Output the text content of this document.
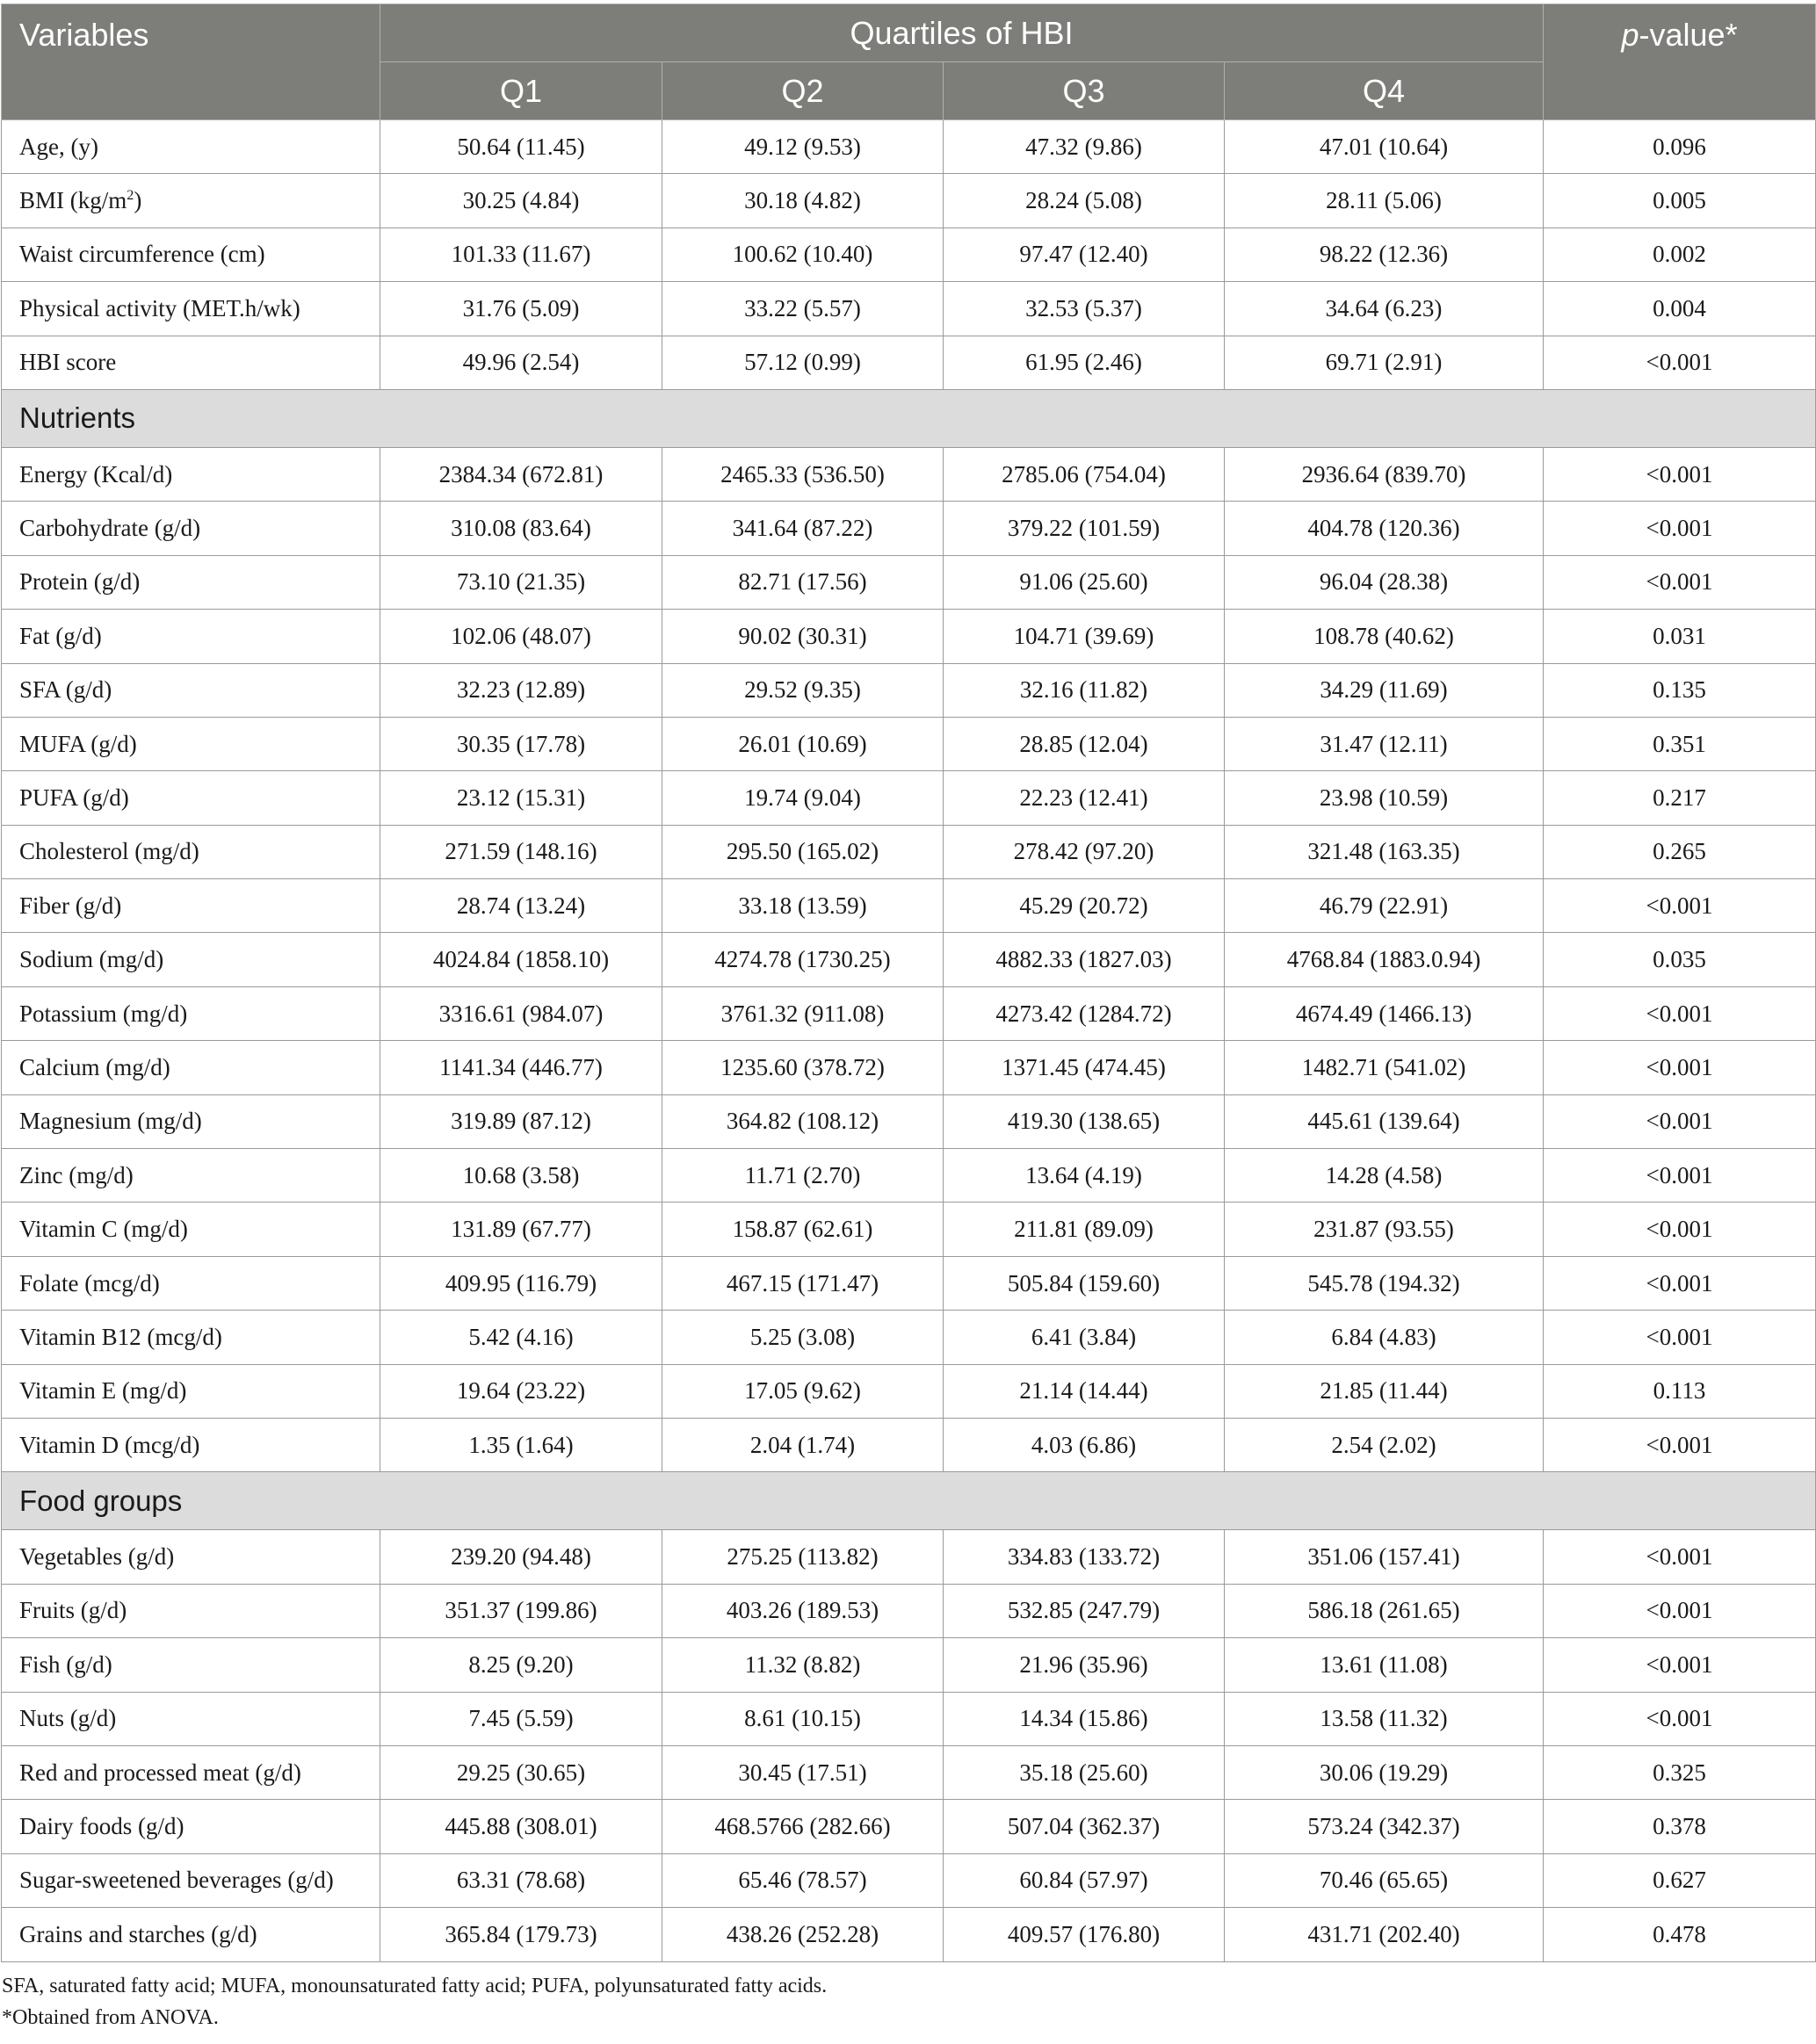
Variables	Quartiles of HBI				p-value*
	Q1	Q2	Q3	Q4	
Age, (y)	50.64 (11.45)	49.12 (9.53)	47.32 (9.86)	47.01 (10.64)	0.096
BMI $(kg/m^2)$	30.25 (4.84)	30.18 (4.82)	28.24 (5.08)	28.11 (5.06)	0.005
Waist circumference (cm)	101.33 (11.67)	100.62 (10.40)	97.47 (12.40)	98.22 (12.36)	0.002
Physical activity (MET.h/wk)	31.76 (5.09)	33.22 (5.57)	32.53 (5.37)	34.64 (6.23)	0.004
HBI score	49.96 (2.54)	57.12 (0.99)	61.95 (2.46)	69.71 (2.91)	<0.001
Nutrients					
Energy (Kcal/d)	2384.34 (672.81)	2465.33 (536.50)	2785.06 (754.04)	2936.64 (839.70)	<0.001
Carbohydrate (g/d)	310.08 (83.64)	341.64 (87.22)	379.22 (101.59)	404.78 (120.36)	<0.001
Protein (g/d)	73.10 (21.35)	82.71 (17.56)	91.06 (25.60)	96.04 (28.38)	<0.001
Fat (g/d)	102.06 (48.07)	90.02 (30.31)	104.71 (39.69)	108.78 (40.62)	0.031
SFA (g/d)	32.23 (12.89)	29.52 (9.35)	32.16 (11.82)	34.29 (11.69)	0.135
MUFA (g/d)	30.35 (17.78)	26.01 (10.69)	28.85 (12.04)	31.47 (12.11)	0.351
PUFA (g/d)	23.12 (15.31)	19.74 (9.04)	22.23 (12.41)	23.98 (10.59)	0.217
Cholesterol (mg/d)	271.59 (148.16)	295.50 (165.02)	278.42 (97.20)	321.48 (163.35)	0.265
Fiber (g/d)	28.74 (13.24)	33.18 (13.59)	45.29 (20.72)	46.79 (22.91)	<0.001
Sodium (mg/d)	4024.84 (1858.10)	4274.78 (1730.25)	4882.33 (1827.03)	4768.84 (1883.0.94)	0.035
Potassium (mg/d)	3316.61 (984.07)	3761.32 (911.08)	4273.42 (1284.72)	4674.49 (1466.13)	<0.001
Calcium (mg/d)	1141.34 (446.77)	1235.60 (378.72)	1371.45 (474.45)	1482.71 (541.02)	<0.001
Magnesium (mg/d)	319.89 (87.12)	364.82 (108.12)	419.30 (138.65)	445.61 (139.64)	<0.001
Zinc (mg/d)	10.68 (3.58)	11.71 (2.70)	13.64 (4.19)	14.28 (4.58)	<0.001
Vitamin C (mg/d)	131.89 (67.77)	158.87 (62.61)	211.81 (89.09)	231.87 (93.55)	<0.001
Folate (mcg/d)	409.95 (116.79)	467.15 (171.47)	505.84 (159.60)	545.78 (194.32)	<0.001
Vitamin B12 (mcg/d)	5.42 (4.16)	5.25 (3.08)	6.41 (3.84)	6.84 (4.83)	<0.001
Vitamin E (mg/d)	19.64 (23.22)	17.05 (9.62)	21.14 (14.44)	21.85 (11.44)	0.113
Vitamin D (mcg/d)	1.35 (1.64)	2.04 (1.74)	4.03 (6.86)	2.54 (2.02)	<0.001
Food groups					
Vegetables (g/d)	239.20 (94.48)	275.25 (113.82)	334.83 (133.72)	351.06 (157.41)	<0.001
Fruits (g/d)	351.37 (199.86)	403.26 (189.53)	532.85 (247.79)	586.18 (261.65)	<0.001
Fish (g/d)	8.25 (9.20)	11.32 (8.82)	21.96 (35.96)	13.61 (11.08)	<0.001
Nuts (g/d)	7.45 (5.59)	8.61 (10.15)	14.34 (15.86)	13.58 (11.32)	<0.001
Red and processed meat (g/d)	29.25 (30.65)	30.45 (17.51)	35.18 (25.60)	30.06 (19.29)	0.325
Dairy foods (g/d)	445.88 (308.01)	468.5766 (282.66)	507.04 (362.37)	573.24 (342.37)	0.378
Sugar-sweetened beverages (g/d)	63.31 (78.68)	65.46 (78.57)	60.84 (57.97)	70.46 (65.65)	0.627
Grains and starches (g/d)	365.84 (179.73)	438.26 (252.28)	409.57 (176.80)	431.71 (202.40)	0.478
SFA, saturated fatty acid; MUFA, monounsaturated fatty acid; PUFA, polyunsaturated fatty acids.
*Obtained from ANOVA.
